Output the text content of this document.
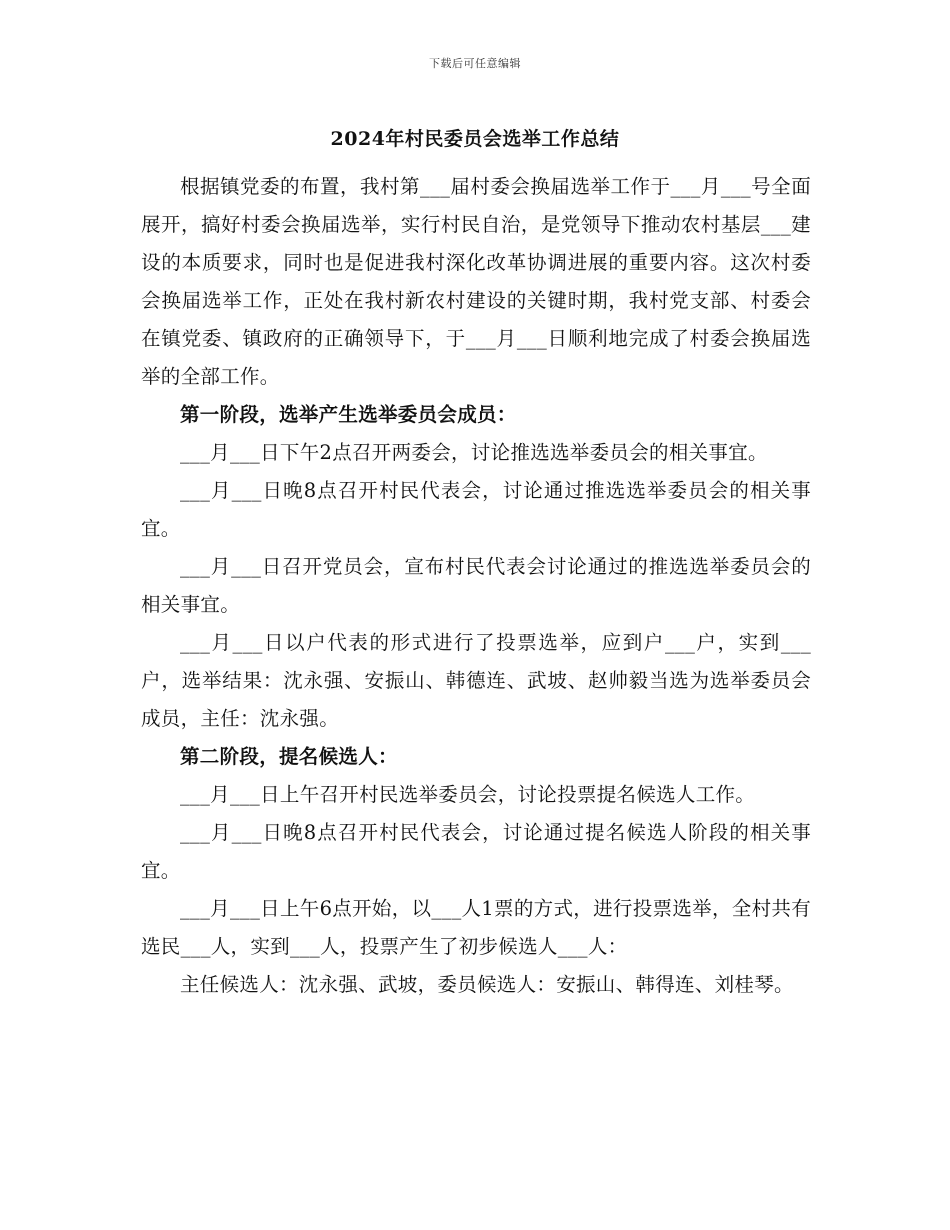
下载后可任意编辑
2024年村民委员会选举工作总结

根据镇党委的布置，我村第___届村委会换届选举工作于___月___号全面展开，搞好村委会换届选举，实行村民自治，是党领导下推动农村基层___建设的本质要求，同时也是促进我村深化改革协调进展的重要内容。这次村委会换届选举工作，正处在我村新农村建设的关键时期，我村党支部、村委会在镇党委、镇政府的正确领导下，于___月___日顺利地完成了村委会换届选举的全部工作。

第一阶段，选举产生选举委员会成员：

___月___日下午2点召开两委会，讨论推选选举委员会的相关事宜。

___月___日晚8点召开村民代表会，讨论通过推选选举委员会的相关事宜。

___月___日召开党员会，宣布村民代表会讨论通过的推选选举委员会的相关事宜。

___月___日以户代表的形式进行了投票选举，应到户___户，实到___户，选举结果：沈永强、安振山、韩德连、武坡、赵帅毅当选为选举委员会成员，主任：沈永强。

第二阶段，提名候选人：

___月___日上午召开村民选举委员会，讨论投票提名候选人工作。

___月___日晚8点召开村民代表会，讨论通过提名候选人阶段的相关事宜。

___月___日上午6点开始，以___人1票的方式，进行投票选举，全村共有选民___人，实到___人，投票产生了初步候选人___人：

主任候选人：沈永强、武坡，委员候选人：安振山、韩得连、刘桂琴。
